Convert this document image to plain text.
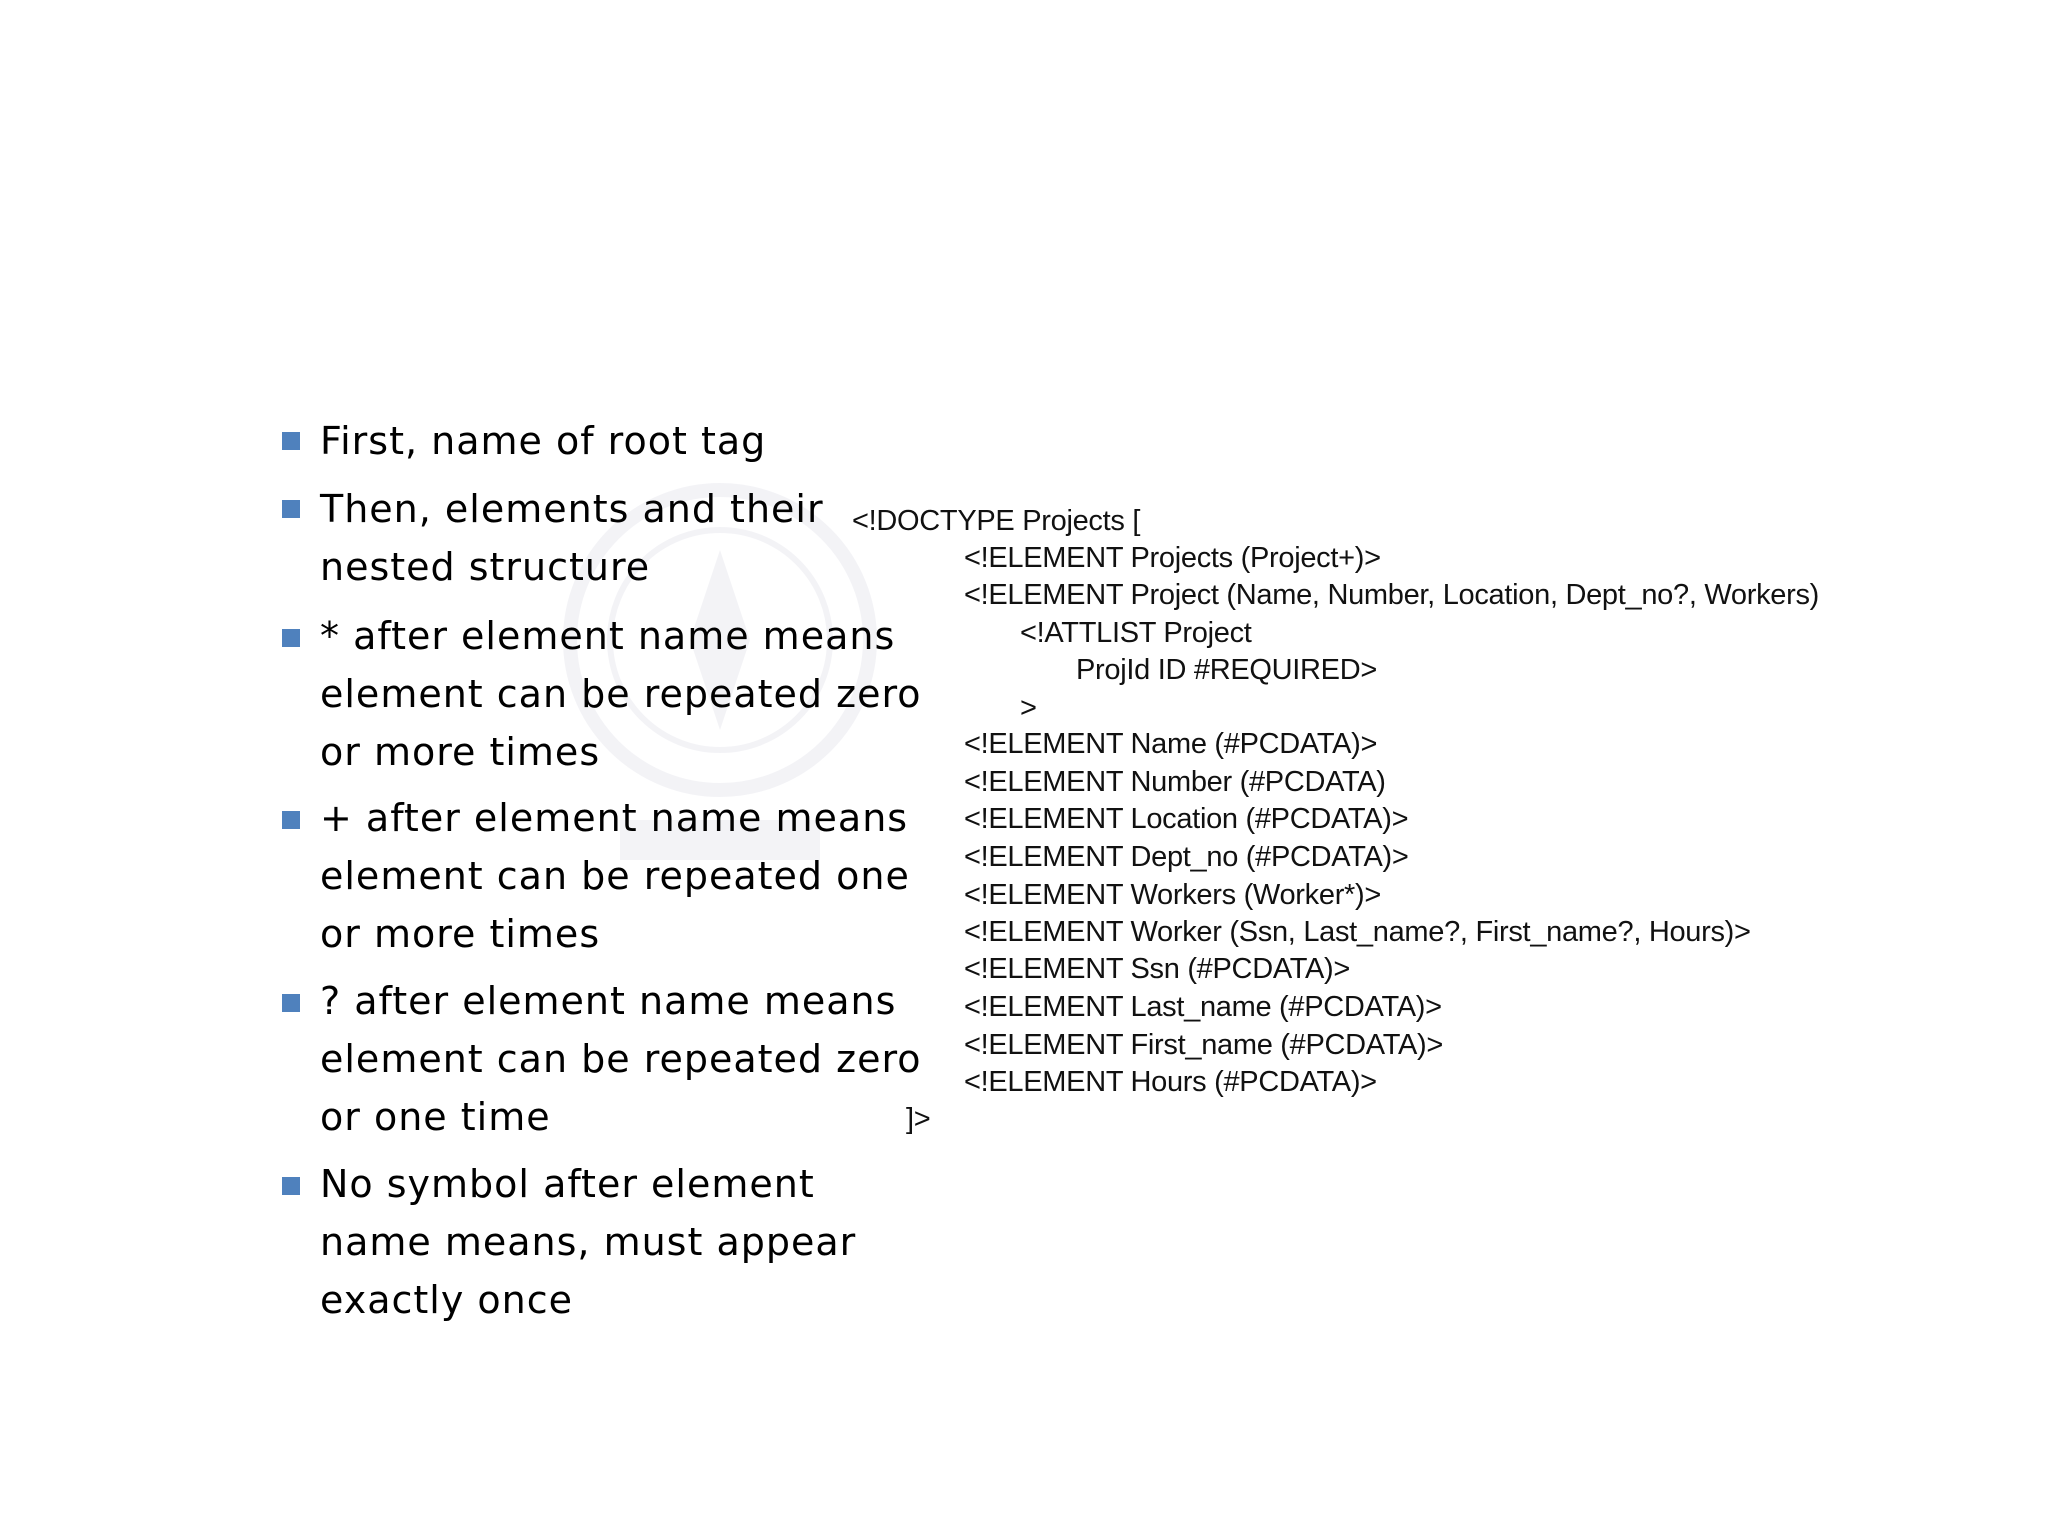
First, name of root tag
Then, elements and their
nested structure
* after element name means
element can be repeated zero
or more times
+ after element name means
element can be repeated one
or more times
? after element name means
element can be repeated zero
or one time
No symbol after element
name means, must appear
exactly once
<!DOCTYPE Projects [
<!ELEMENT Projects (Project+)>
<!ELEMENT Project (Name, Number, Location, Dept_no?, Workers)
<!ATTLIST Project
ProjId ID #REQUIRED>
>
<!ELEMENT Name (#PCDATA)>
<!ELEMENT Number (#PCDATA)
<!ELEMENT Location (#PCDATA)>
<!ELEMENT Dept_no (#PCDATA)>
<!ELEMENT Workers (Worker*)>
<!ELEMENT Worker (Ssn, Last_name?, First_name?, Hours)>
<!ELEMENT Ssn (#PCDATA)>
<!ELEMENT Last_name (#PCDATA)>
<!ELEMENT First_name (#PCDATA)>
<!ELEMENT Hours (#PCDATA)>
]>
